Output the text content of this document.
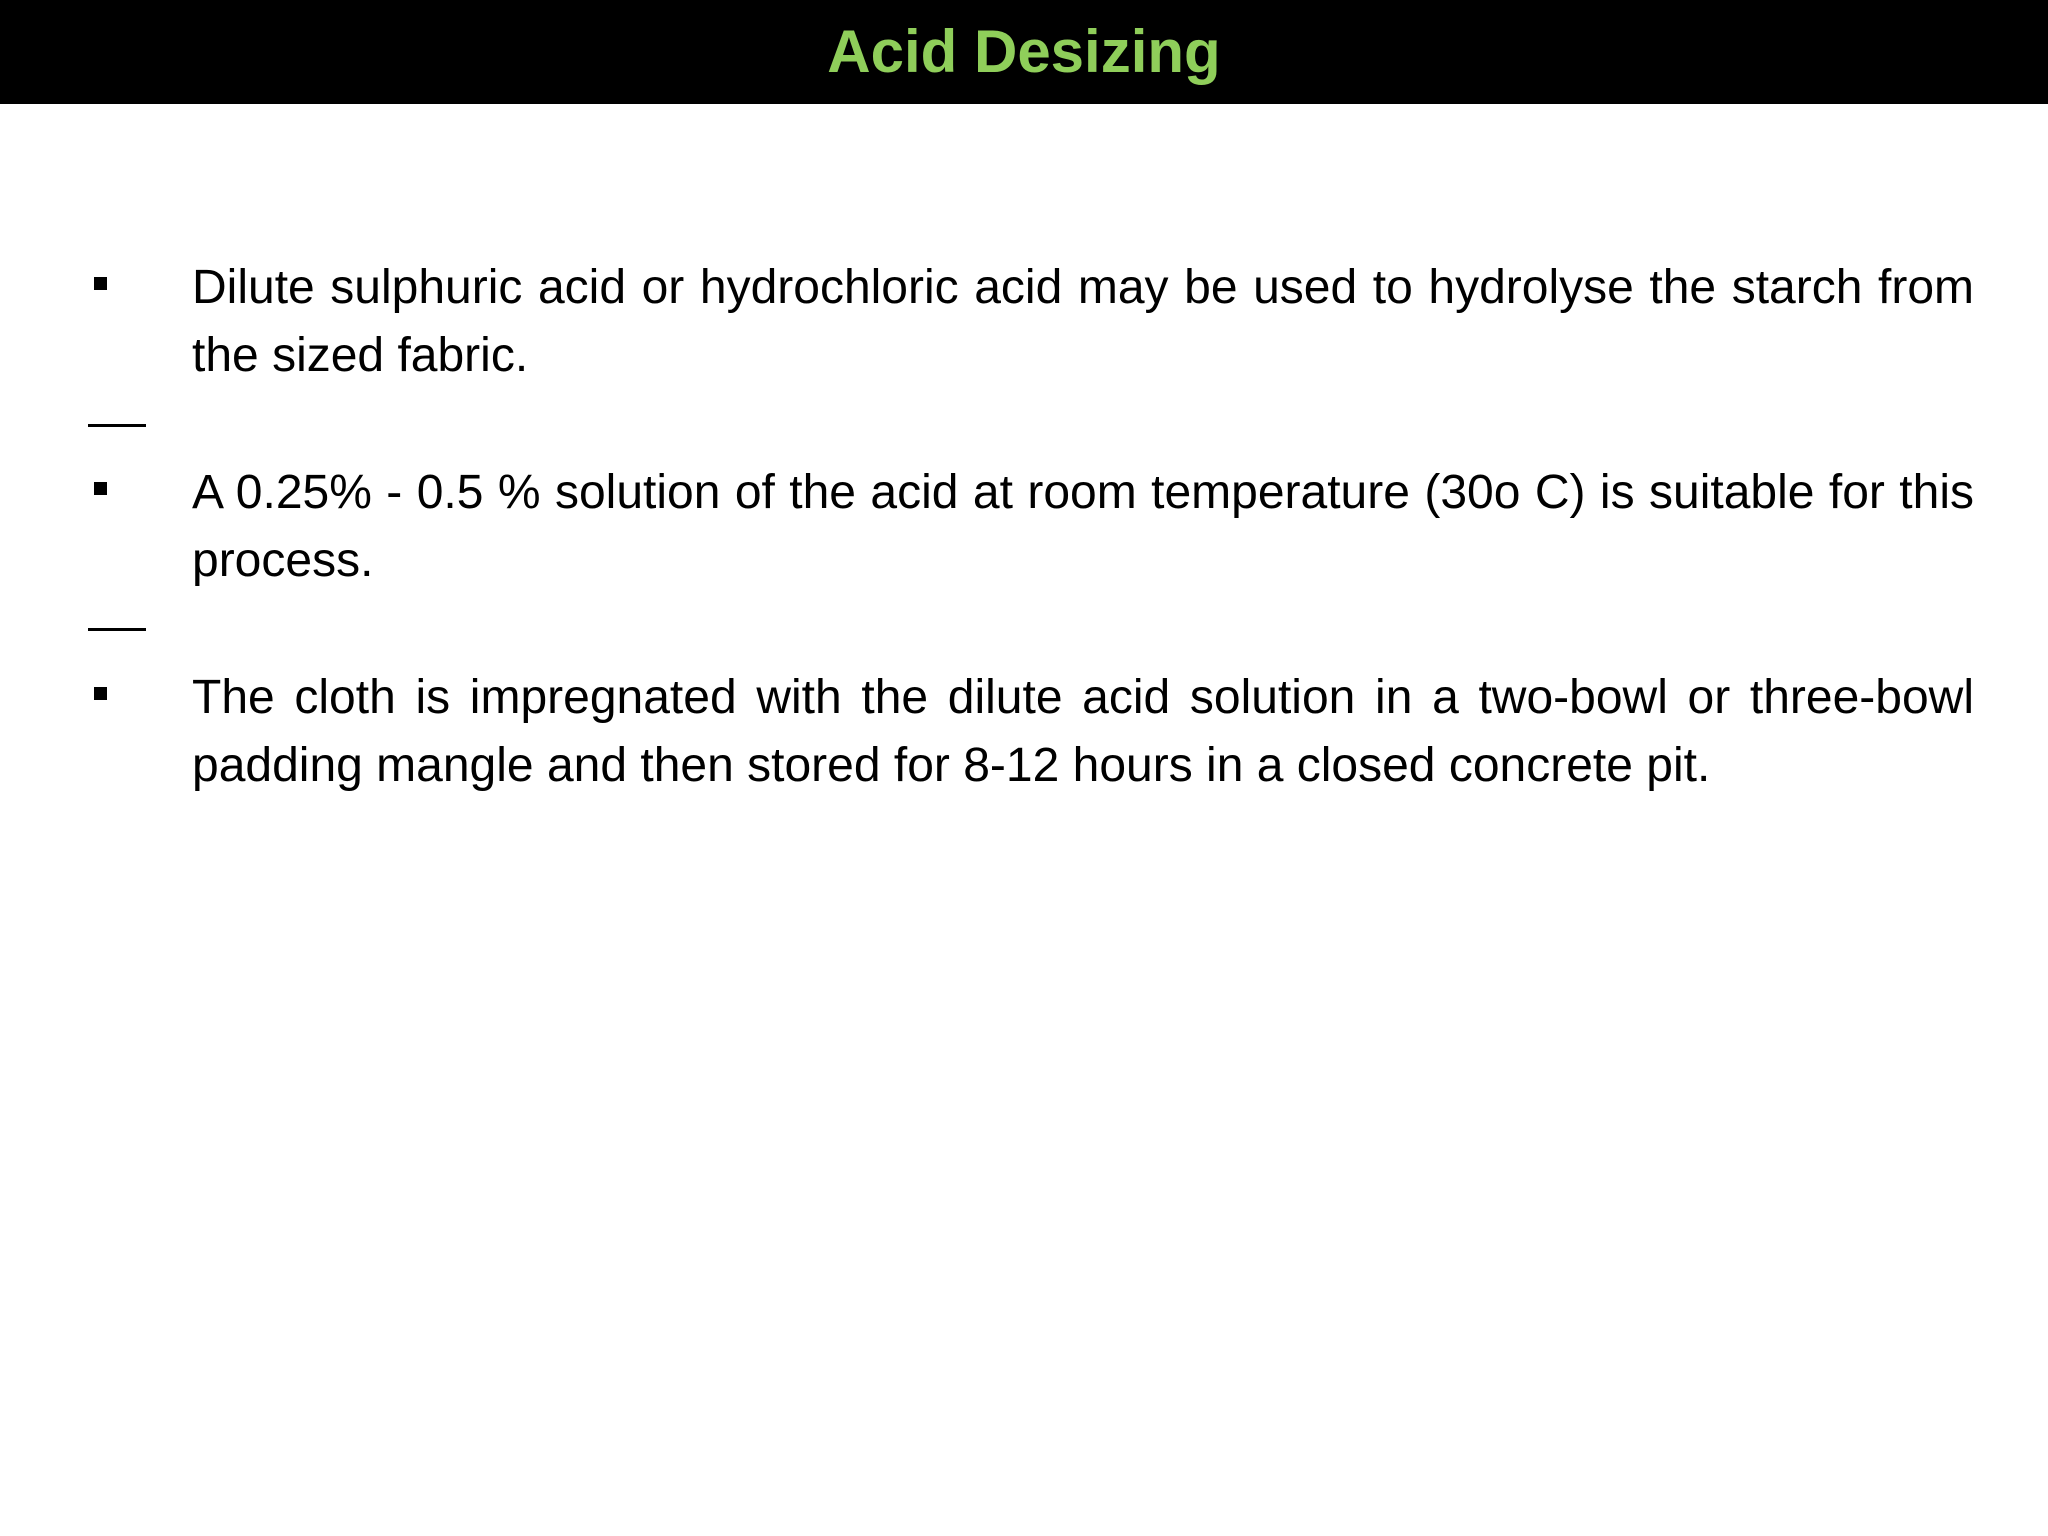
Acid Desizing

Dilute sulphuric acid or hydrochloric acid may be used to hydrolyse the starch from the sized fabric.

A 0.25% - 0.5 % solution of the acid at room temperature (30o C) is suitable for this process.

The cloth is impregnated with the dilute acid solution in a two-bowl or three-bowl padding mangle and then stored for 8-12 hours in a closed concrete pit.
